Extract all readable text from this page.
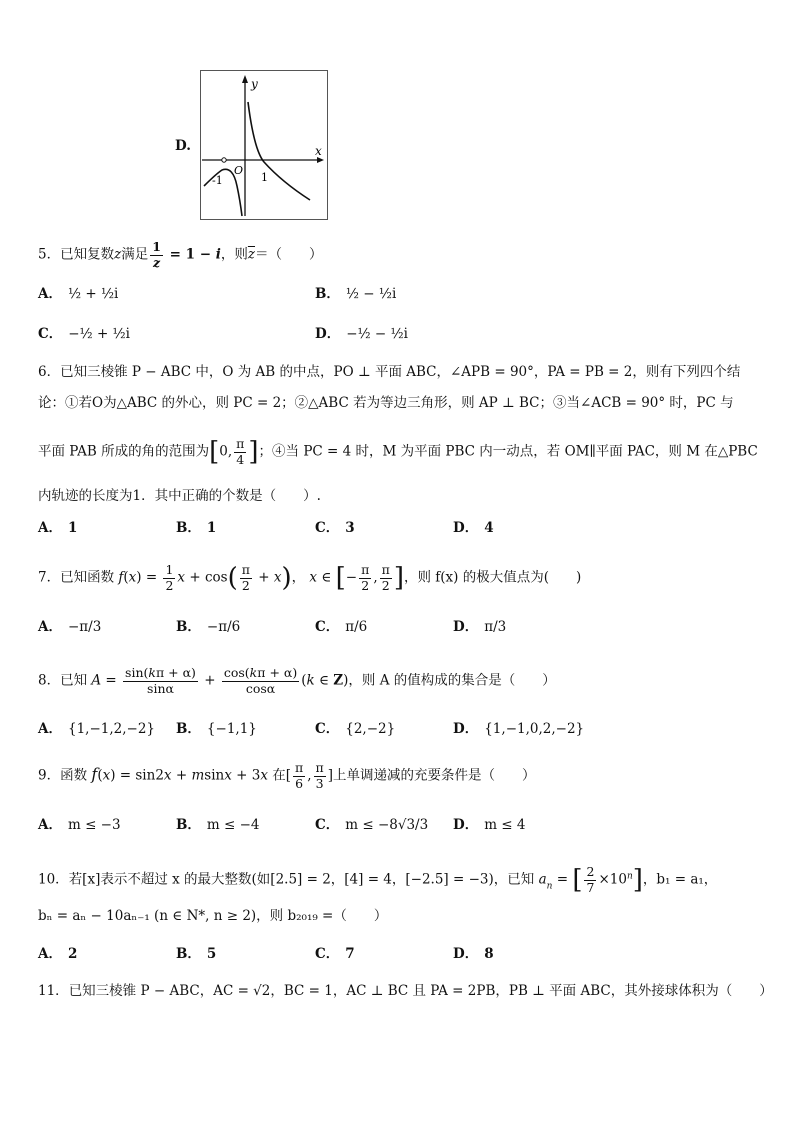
D.
y
x
O
-1	1
5．已知复数z满足 $\frac{1}{z} = 1 - i$，则$\overline{z}=$（　　）
A． ½ + ½i	B． ½ − ½i
C． −½ + ½i	D． −½ − ½i
6．已知三棱锥 P − ABC 中，O 为 AB 的中点，PO ⊥ 平面 ABC，∠APB = 90°，PA = PB = 2，则有下列四个结
论：①若O为△ABC 的外心，则 PC = 2；②△ABC 若为等边三角形，则 AP ⊥ BC；③当∠ACB = 90° 时，PC 与
平面 PAB 所成的角的范围为[0, $\frac{\pi}{4}$ ]；④当 PC = 4 时，M 为平面 PBC 内一动点，若 OM∥平面 PAC，则 M 在△PBC
内轨迹的长度为1．其中正确的个数是（　　）.
A． 1	B． 1	C． 3	D． 4
7．已知函数 $f(x) = \frac{1}{2}$ $x + \cos( \frac{\pi}{2} + x)$， x ∈ [− $\frac{\pi}{2}$ , $\frac{\pi}{2}$ ]，则 f(x) 的极大值点为(　　)
A． −π/3	B． −π/6	C． π/6	D． π/3
8．已知 $A = \frac{\sin(k\pi + \alpha)}{\sin\alpha} + \frac{\cos(k\pi + \alpha)}{\cos\alpha} (k$ ∈ Z)，则 A 的值构成的集合是（　　）
A． {1,−1,2,−2} B． {−1,1}	C． {2,−2}	D． {1,−1,0,2,−2}
9．函数 f(x) = sin2x + msinx + 3x 在[ $\frac{\pi}{6}$ , $\frac{\pi}{3}$ ]上单调递减的充要条件是（　　）
A． m ≤ −3	B． m ≤ −4	C． m ≤ −8√3/3 D． m ≤ 4
10．若[x]表示不超过 x 的最大整数(如[2.5] = 2，[4] = 4，[−2.5] = −3)，已知 $a_n$ = [ $\frac{2}{7} \times 10^n$]，b₁ = a₁，
bₙ = aₙ − 10aₙ₋₁ (n ∈ N*, n ≥ 2)，则 b₂₀₁₉ =（　　）
A． 2	B． 5	C． 7	D． 8
11．已知三棱锥 P − ABC，AC = √2，BC = 1，AC ⊥ BC 且 PA = 2PB，PB ⊥ 平面 ABC，其外接球体积为（　　）
